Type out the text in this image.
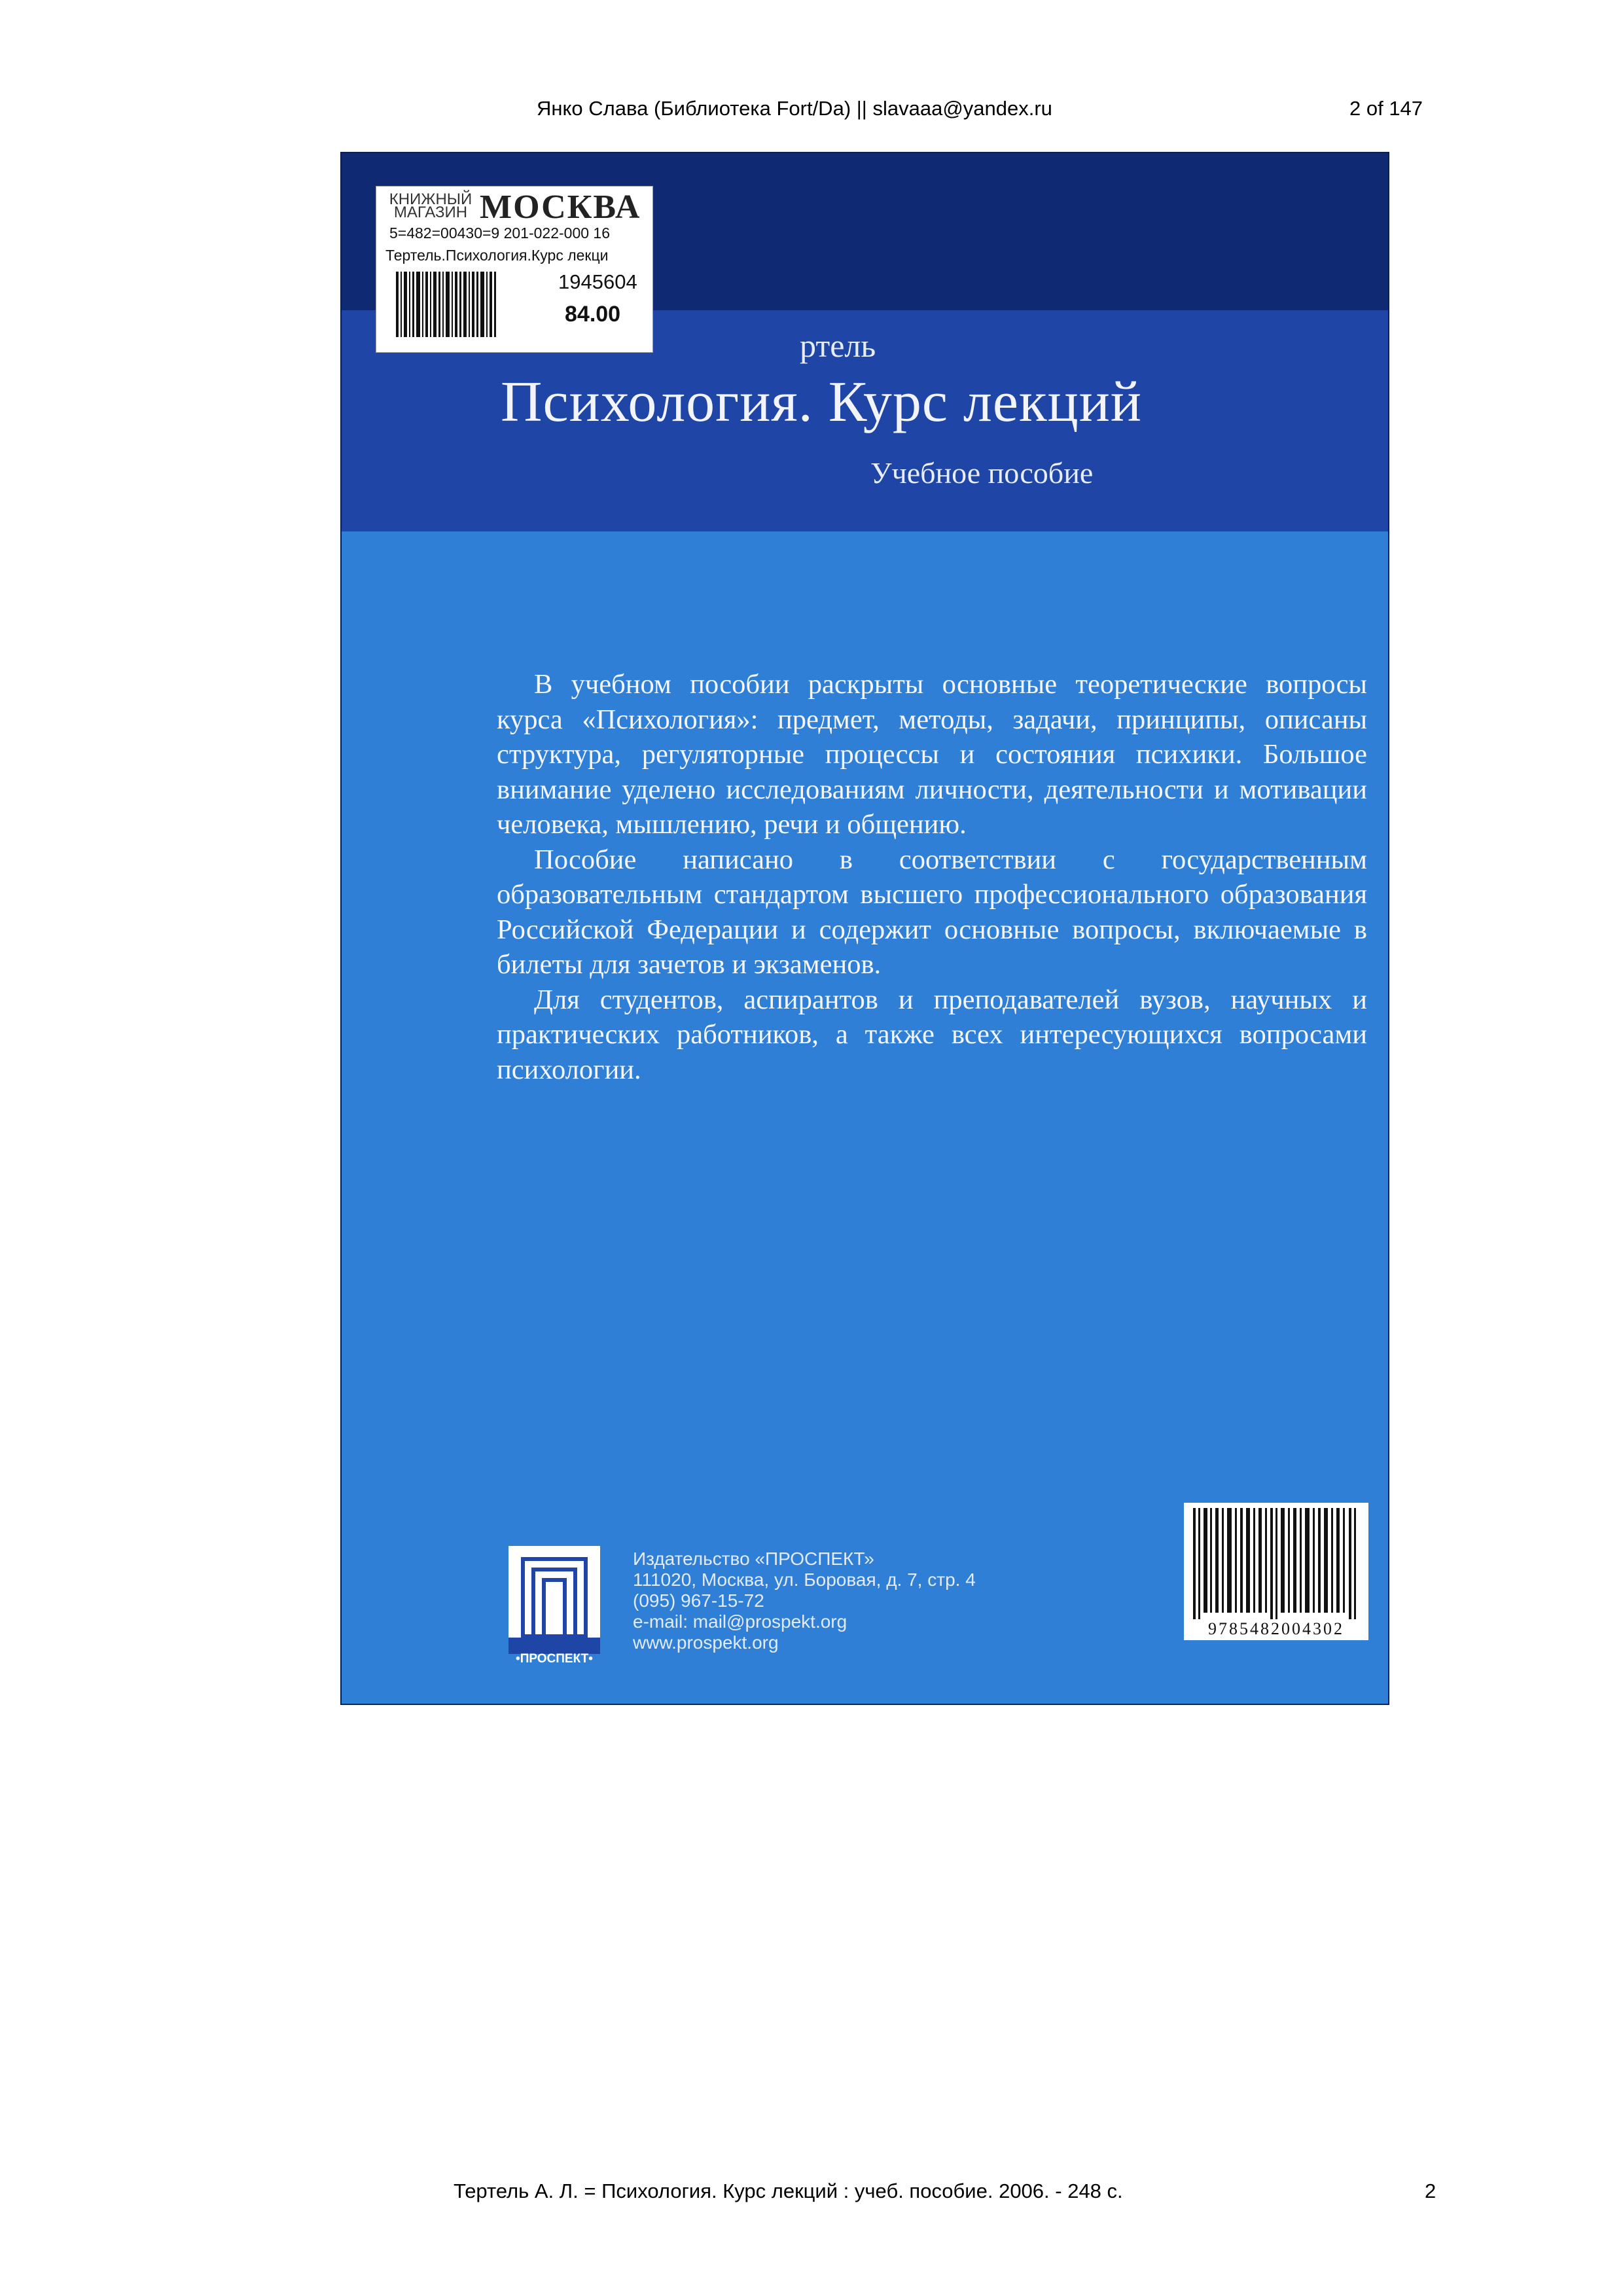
Янко Слава (Библиотека Fort/Da) || slavaaa@yandex.ru	2 of 147
ртель
Психология. Курс лекций
Учебное пособие
КНИЖНЫЙ МАГАЗИН МОСКВА
5=482=00430=9 201-022-000 16
Тертель.Психология.Курс лекци
1945604
84.00

В учебном пособии раскрыты основные теоретические вопросы курса «Психология»: предмет, методы, задачи, принципы, описаны структура, регуляторные процессы и состояния психики. Большое внимание уделено исследованиям личности, деятельности и мотивации человека, мышлению, речи и общению.

Пособие написано в соответствии с государственным образовательным стандартом высшего профессионального образования Российской Федерации и содержит основные вопросы, включаемые в билеты для зачетов и экзаменов.

Для студентов, аспирантов и преподавателей вузов, научных и практических работников, а также всех интересующихся вопросами психологии.

•ПРОСПЕКТ•
Издательство «ПРОСПЕКТ»
111020, Москва, ул. Боровая, д. 7, стр. 4
(095) 967-15-72
e-mail: mail@prospekt.org
www.prospekt.org
9785482004302
Тертель А. Л. = Психология. Курс лекций : учеб. пособие. 2006. - 248 с.	2
